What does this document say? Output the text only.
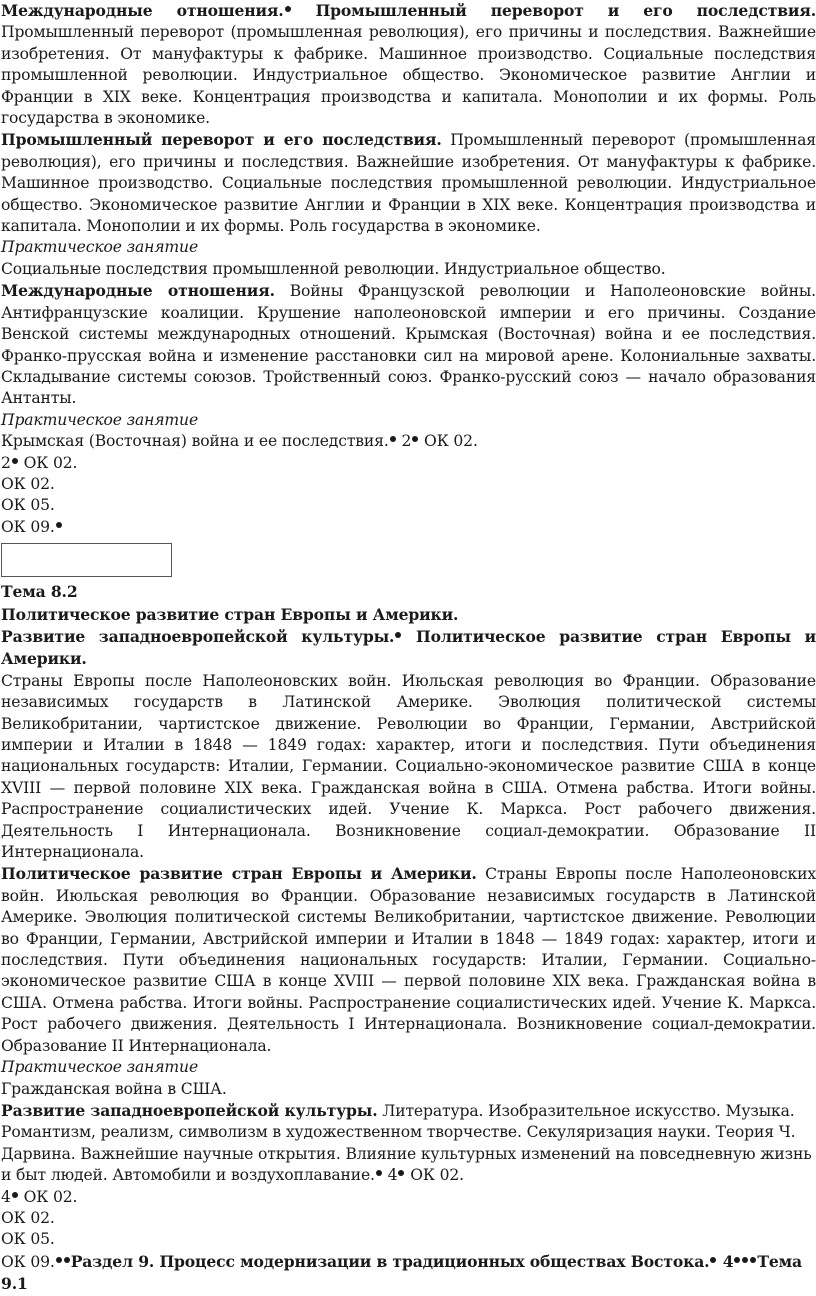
Международные отношения. Промышленный переворот и его последствия. Промышленный переворот (промышленная революция), его причины и последствия. Важнейшие изобретения. От мануфактуры к фабрике. Машинное производство. Социальные последствия промышленной революции. Индустриальное общество. Экономическое развитие Англии и Франции в XIX веке. Концентрация производства и капитала. Монополии и их формы. Роль государства в экономике.

Промышленный переворот и его последствия. Промышленный переворот (промышленная революция), его причины и последствия. Важнейшие изобретения. От мануфактуры к фабрике. Машинное производство. Социальные последствия промышленной революции. Индустриальное общество. Экономическое развитие Англии и Франции в XIX веке. Концентрация производства и капитала. Монополии и их формы. Роль государства в экономике.

Практическое занятие

Социальные последствия промышленной революции. Индустриальное общество.

Международные отношения. Войны Французской революции и Наполеоновские войны. Антифранцузские коалиции. Крушение наполеоновской империи и его причины. Создание Венской системы международных отношений. Крымская (Восточная) война и ее последствия. Франко-прусская война и изменение расстановки сил на мировой арене. Колониальные захваты. Складывание системы союзов. Тройственный союз. Франко-русский союз — начало образования Антанты.

Практическое занятие

Крымская (Восточная) война и ее последствия. 2 ОК 02.

2 ОК 02.

ОК 02.

ОК 05.

ОК 09.

Тема 8.2

Политическое развитие стран Европы и Америки.

Развитие западноевропейской культуры. Политическое развитие стран Европы и Америки.

Страны Европы после Наполеоновских войн. Июльская революция во Франции. Образование независимых государств в Латинской Америке. Эволюция политической системы Великобритании, чартистское движение. Революции во Франции, Германии, Австрийской империи и Италии в 1848 — 1849 годах: характер, итоги и последствия. Пути объединения национальных государств: Италии, Германии. Социально-экономическое развитие США в конце XVIII — первой половине XIX века. Гражданская война в США. Отмена рабства. Итоги войны. Распространение социалистических идей. Учение К. Маркса. Рост рабочего движения. Деятельность I Интернационала. Возникновение социал-демократии. Образование II Интернационала.

Политическое развитие стран Европы и Америки. Страны Европы после Наполеоновских войн. Июльская революция во Франции. Образование независимых государств в Латинской Америке. Эволюция политической системы Великобритании, чартистское движение. Революции во Франции, Германии, Австрийской империи и Италии в 1848 — 1849 годах: характер, итоги и последствия. Пути объединения национальных государств: Италии, Германии. Социально-экономическое развитие США в конце XVIII — первой половине XIX века. Гражданская война в США. Отмена рабства. Итоги войны. Распространение социалистических идей. Учение К. Маркса. Рост рабочего движения. Деятельность I Интернационала. Возникновение социал-демократии. Образование II Интернационала.

Практическое занятие

Гражданская война в США.

Развитие западноевропейской культуры. Литература. Изобразительное искусство. Музыка. Романтизм, реализм, символизм в художественном творчестве. Секуляризация науки. Теория Ч. Дарвина. Важнейшие научные открытия. Влияние культурных изменений на повседневную жизнь и быт людей. Автомобили и воздухоплавание. 4 ОК 02.

4 ОК 02.

ОК 02.

ОК 05.

ОК 09. Раздел 9. Процесс модернизации в традиционных обществах Востока. 4 Тема 9.1
